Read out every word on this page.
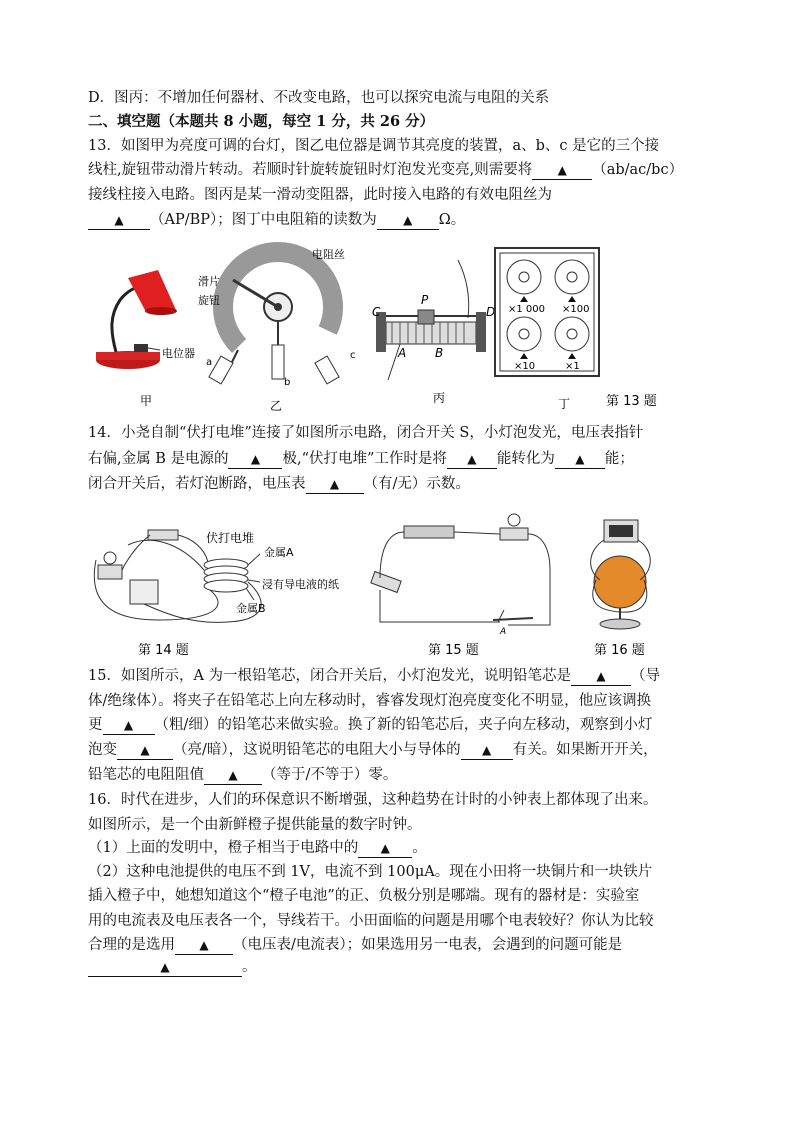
D．图丙：不增加任何器材、不改变电路，也可以探究电流与电阻的关系
二、填空题（本题共 8 小题，每空 1 分，共 26 分）
13．如图甲为亮度可调的台灯，图乙电位器是调节其亮度的装置，a、b、c 是它的三个接
线柱,旋钮带动滑片转动。若顺时针旋转旋钮时灯泡发光变亮,则需要将 ▲ （ab/ac/bc）
接线柱接入电路。图丙是某一滑动变阻器，此时接入电路的有效电阻丝为
▲ （AP/BP）；图丁中电阻箱的读数为 ▲ Ω。
电位器
甲
滑片
旋钮
电阻丝
a
b
c
乙
P
C	D
A B
丙
×1 000 ×100
×10	×1
丁	第 13 题
14．小尧自制“伏打电堆”连接了如图所示电路，闭合开关 S，小灯泡发光，电压表指针
右偏,金属 B 是电源的 ▲ 极,“伏打电堆”工作时是将 ▲ 能转化为 ▲ 能；
闭合开关后，若灯泡断路，电压表 ▲ （有/无）示数。
伏打电堆
金属A
浸有导电液的纸
金属B
第 14 题
A
第 15 题	第 16 题
15．如图所示，A 为一根铅笔芯，闭合开关后，小灯泡发光，说明铅笔芯是 ▲ （导
体/绝缘体）。将夹子在铅笔芯上向左移动时，睿睿发现灯泡亮度变化不明显，他应该调换
更 ▲ （粗/细）的铅笔芯来做实验。换了新的铅笔芯后，夹子向左移动，观察到小灯
泡变 ▲ （亮/暗），这说明铅笔芯的电阻大小与导体的 ▲ 有关。如果断开开关，
铅笔芯的电阻阻值 ▲ （等于/不等于）零。
16．时代在进步，人们的环保意识不断增强，这种趋势在计时的小钟表上都体现了出来。
如图所示，是一个由新鲜橙子提供能量的数字时钟。
（1）上面的发明中，橙子相当于电路中的 ▲ 。
（2）这种电池提供的电压不到 1V，电流不到 100μA。现在小田将一块铜片和一块铁片
插入橙子中，她想知道这个“橙子电池”的正、负极分别是哪端。现有的器材是：实验室
用的电流表及电压表各一个，导线若干。小田面临的问题是用哪个电表较好？你认为比较
合理的是选用 ▲ （电压表/电流表）；如果选用另一电表，会遇到的问题可能是
▲	。
